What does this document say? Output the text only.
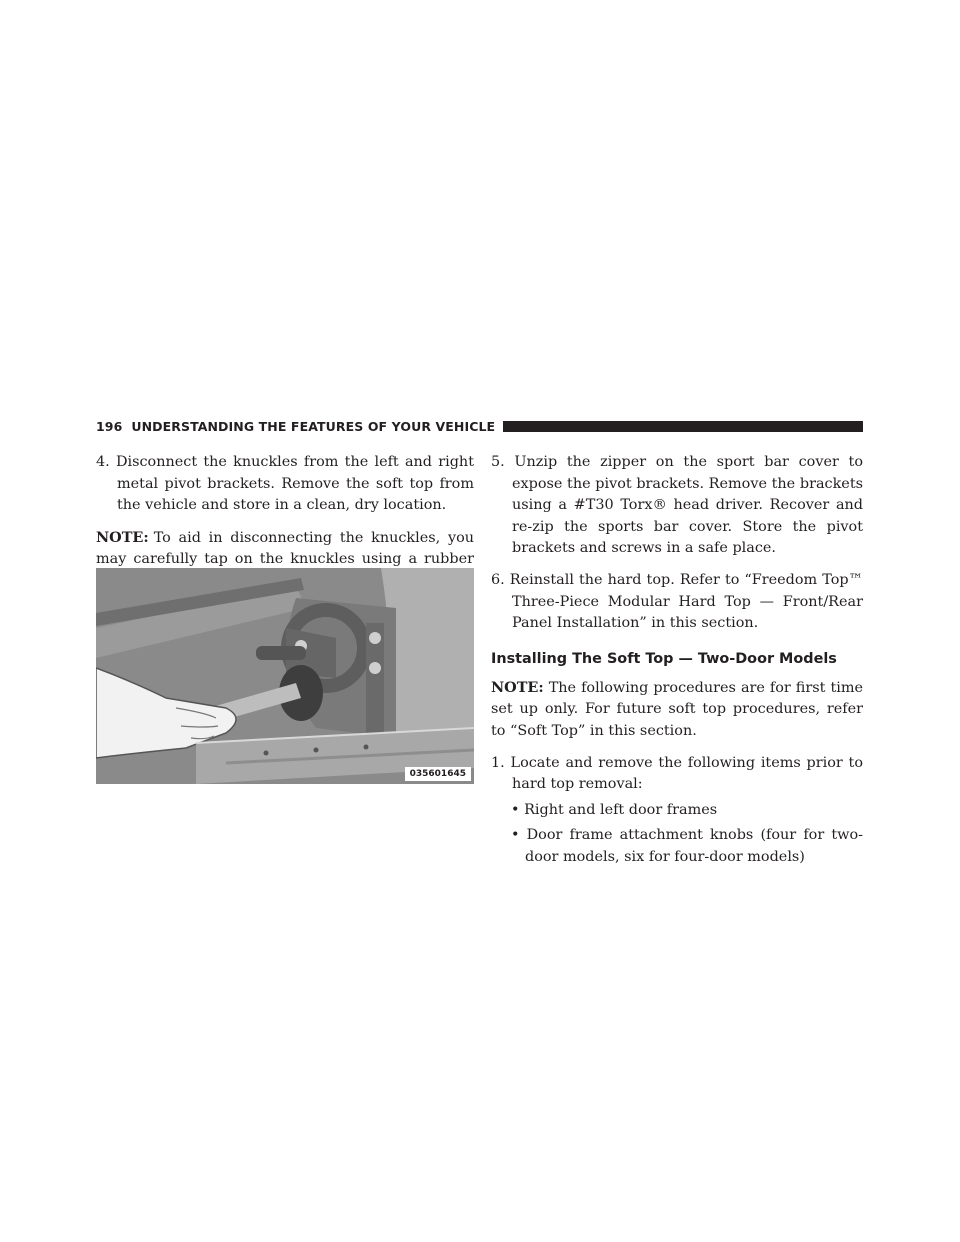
196 UNDERSTANDING THE FEATURES OF YOUR VEHICLE

4. Disconnect the knuckles from the left and right metal pivot brackets. Remove the soft top from the vehicle and store in a clean, dry location.

NOTE: To aid in disconnecting the knuckles, you may carefully tap on the knuckles using a rubber

035601645

5. Unzip the zipper on the sport bar cover to expose the pivot brackets. Remove the brackets using a #T30 Torx® head driver. Recover and re-zip the sports bar cover. Store the pivot brackets and screws in a safe place.

6. Reinstall the hard top. Refer to “Freedom Top™ Three-Piece Modular Hard Top — Front/Rear Panel Installation” in this section.

Installing The Soft Top — Two-Door Models

NOTE: The following procedures are for first time set up only. For future soft top procedures, refer to “Soft Top” in this section.

1. Locate and remove the following items prior to hard top removal:

• Right and left door frames

• Door frame attachment knobs (four for two-door models, six for four-door models)
